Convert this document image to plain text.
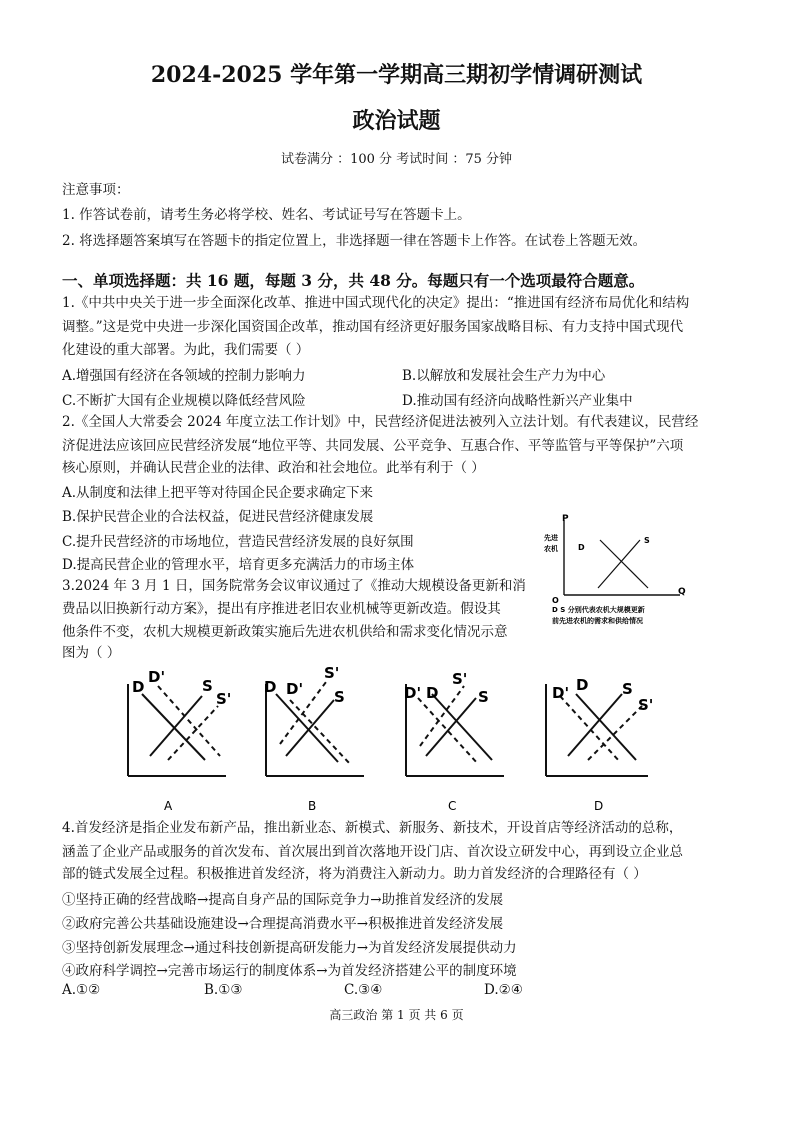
2024-2025 学年第一学期高三期初学情调研测试
政治试题
试卷满分 ：100 分 考试时间 ：75 分钟
注意事项：
1. 作答试卷前，请考生务必将学校、姓名、考试证号写在答题卡上。
2. 将选择题答案填写在答题卡的指定位置上，非选择题一律在答题卡上作答。在试卷上答题无效。
一、单项选择题：共 16 题，每题 3 分，共 48 分。每题只有一个选项最符合题意。
1.《中共中央关于进一步全面深化改革、推进中国式现代化的决定》提出：“推进国有经济布局优化和结构
调整。”这是党中央进一步深化国资国企改革，推动国有经济更好服务国家战略目标、有力支持中国式现代
化建设的重大部署。为此，我们需要（ ）
A.增强国有经济在各领域的控制力影响力	B.以解放和发展社会生产力为中心
C.不断扩大国有企业规模以降低经营风险	D.推动国有经济向战略性新兴产业集中
2.《全国人大常委会 2024 年度立法工作计划》中，民营经济促进法被列入立法计划。有代表建议，民营经
济促进法应该回应民营经济发展“地位平等、共同发展、公平竞争、互惠合作、平等监管与平等保护”六项
核心原则，并确认民营企业的法律、政治和社会地位。此举有利于（ ）
A.从制度和法律上把平等对待国企民企要求确定下来
B.保护民营企业的合法权益，促进民营经济健康发展
C.提升民营经济的市场地位，营造民营经济发展的良好氛围
D.提高民营企业的管理水平，培育更多充满活力的市场主体
P
先进
农机
Q
O
D
S
D S 分别代表农机大规模更新
前先进农机的需求和供给情况
3.2024 年 3 月 1 日，国务院常务会议审议通过了《推动大规模设备更新和消
费品以旧换新行动方案》，提出有序推进老旧农业机械等更新改造。假设其
他条件不变，农机大规模更新政策实施后先进农机供给和需求变化情况示意
图为（ ）
D
D' S
S'
A
D D' S
S'
B
D' D	S
S'
C
D' D S
S'
D
4.首发经济是指企业发布新产品，推出新业态、新模式、新服务、新技术，开设首店等经济活动的总称，
涵盖了企业产品或服务的首次发布、首次展出到首次落地开设门店、首次设立研发中心，再到设立企业总
部的链式发展全过程。积极推进首发经济，将为消费注入新动力。助力首发经济的合理路径有（ ）
①坚持正确的经营战略→提高自身产品的国际竞争力→助推首发经济的发展
②政府完善公共基础设施建设→合理提高消费水平→积极推进首发经济发展
③坚持创新发展理念→通过科技创新提高研发能力→为首发经济发展提供动力
④政府科学调控→完善市场运行的制度体系→为首发经济搭建公平的制度环境
A.①②	B.①③	C.③④	D.②④
高三政治 第 1 页 共 6 页
